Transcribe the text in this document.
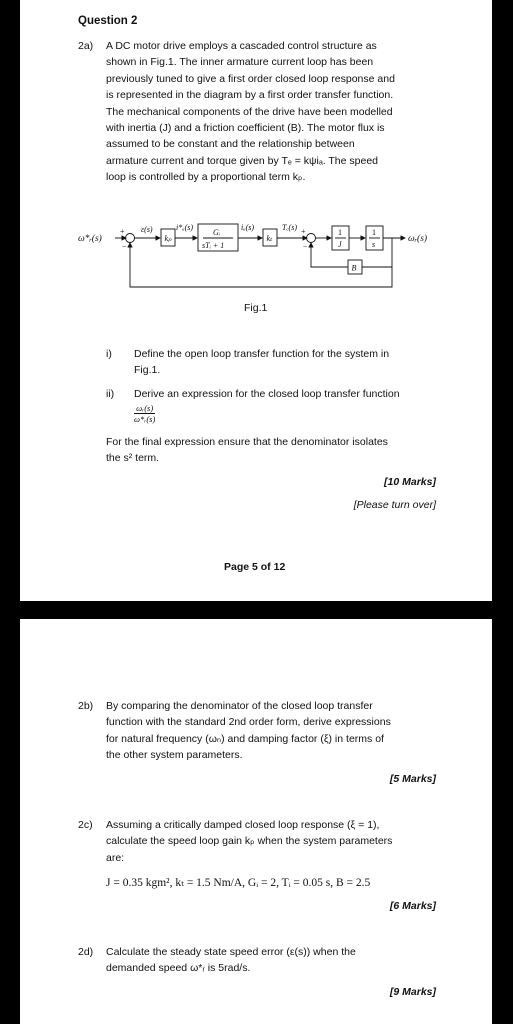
Question 2
2a) A DC motor drive employs a cascaded control structure as
shown in Fig.1. The inner armature current loop has been
previously tuned to give a first order closed loop response and
is represented in the diagram by a first order transfer function.
The mechanical components of the drive have been modelled
with inertia (J) and a friction coefficient (B). The motor flux is
assumed to be constant and the relationship between
armature current and torque given by Tₑ = kψiₐ. The speed
loop is controlled by a proportional term kₚ.
ω*ᵣ(s)	ωᵣ(s)
ε(s)	i*ₐ(s)	iₐ(s)	Tₑ(s)
kₚ
Gᵢ
sTᵢ + 1
kₜ
1
J
1
s
B
+
−
+
−
Fig.1
i) Define the open loop transfer function for the system in
Fig.1.
ii) Derive an expression for the closed loop transfer function
$\frac{\text{ωᵣ(s)}}{\text{ω*ᵣ(s)}}$
For the final expression ensure that the denominator isolates
the s² term.
[10 Marks]
[Please turn over]
Page 5 of 12
2b) By comparing the denominator of the closed loop transfer
function with the standard 2nd order form, derive expressions
for natural frequency (ωₙ) and damping factor (ξ) in terms of
the other system parameters.
[5 Marks]
2c) Assuming a critically damped closed loop response (ξ = 1),
calculate the speed loop gain kₚ when the system parameters
are:
J = 0.35 kgm², kₜ = 1.5 Nm/A, Gᵢ = 2, Tᵢ = 0.05 s, B = 2.5
[6 Marks]
2d) Calculate the steady state speed error (ε(s)) when the
demanded speed ω*ᵣ is 5rad/s.
[9 Marks]
